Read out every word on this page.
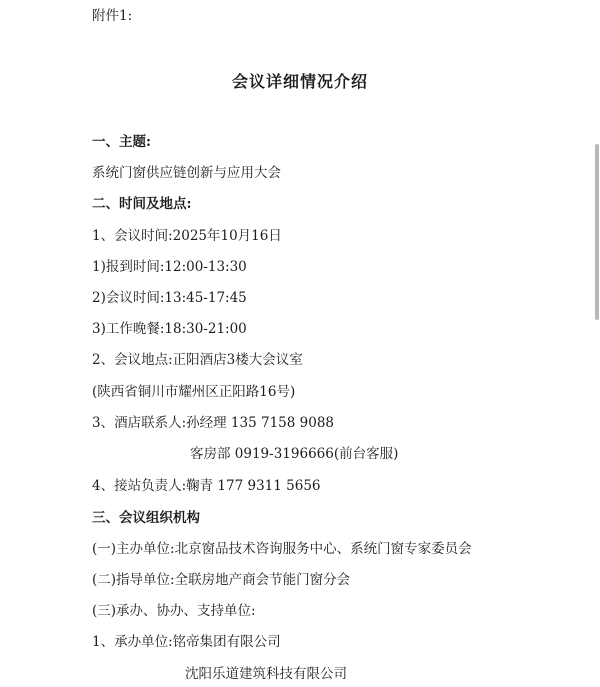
附件1:
会议详细情况介绍
一、主题:
系统门窗供应链创新与应用大会
二、时间及地点:
1、会议时间:2025年10月16日
1)报到时间:12:00-13:30
2)会议时间:13:45-17:45
3)工作晚餐:18:30-21:00
2、会议地点:正阳酒店3楼大会议室
(陕西省铜川市耀州区正阳路16号)
3、酒店联系人:孙经理 135 7158 9088
客房部 0919-3196666(前台客服)
4、接站负责人:鞠青 177 9311 5656
三、会议组织机构
(一)主办单位:北京窗品技术咨询服务中心、系统门窗专家委员会
(二)指导单位:全联房地产商会节能门窗分会
(三)承办、协办、支持单位:
1、承办单位:铭帝集团有限公司
沈阳乐道建筑科技有限公司
